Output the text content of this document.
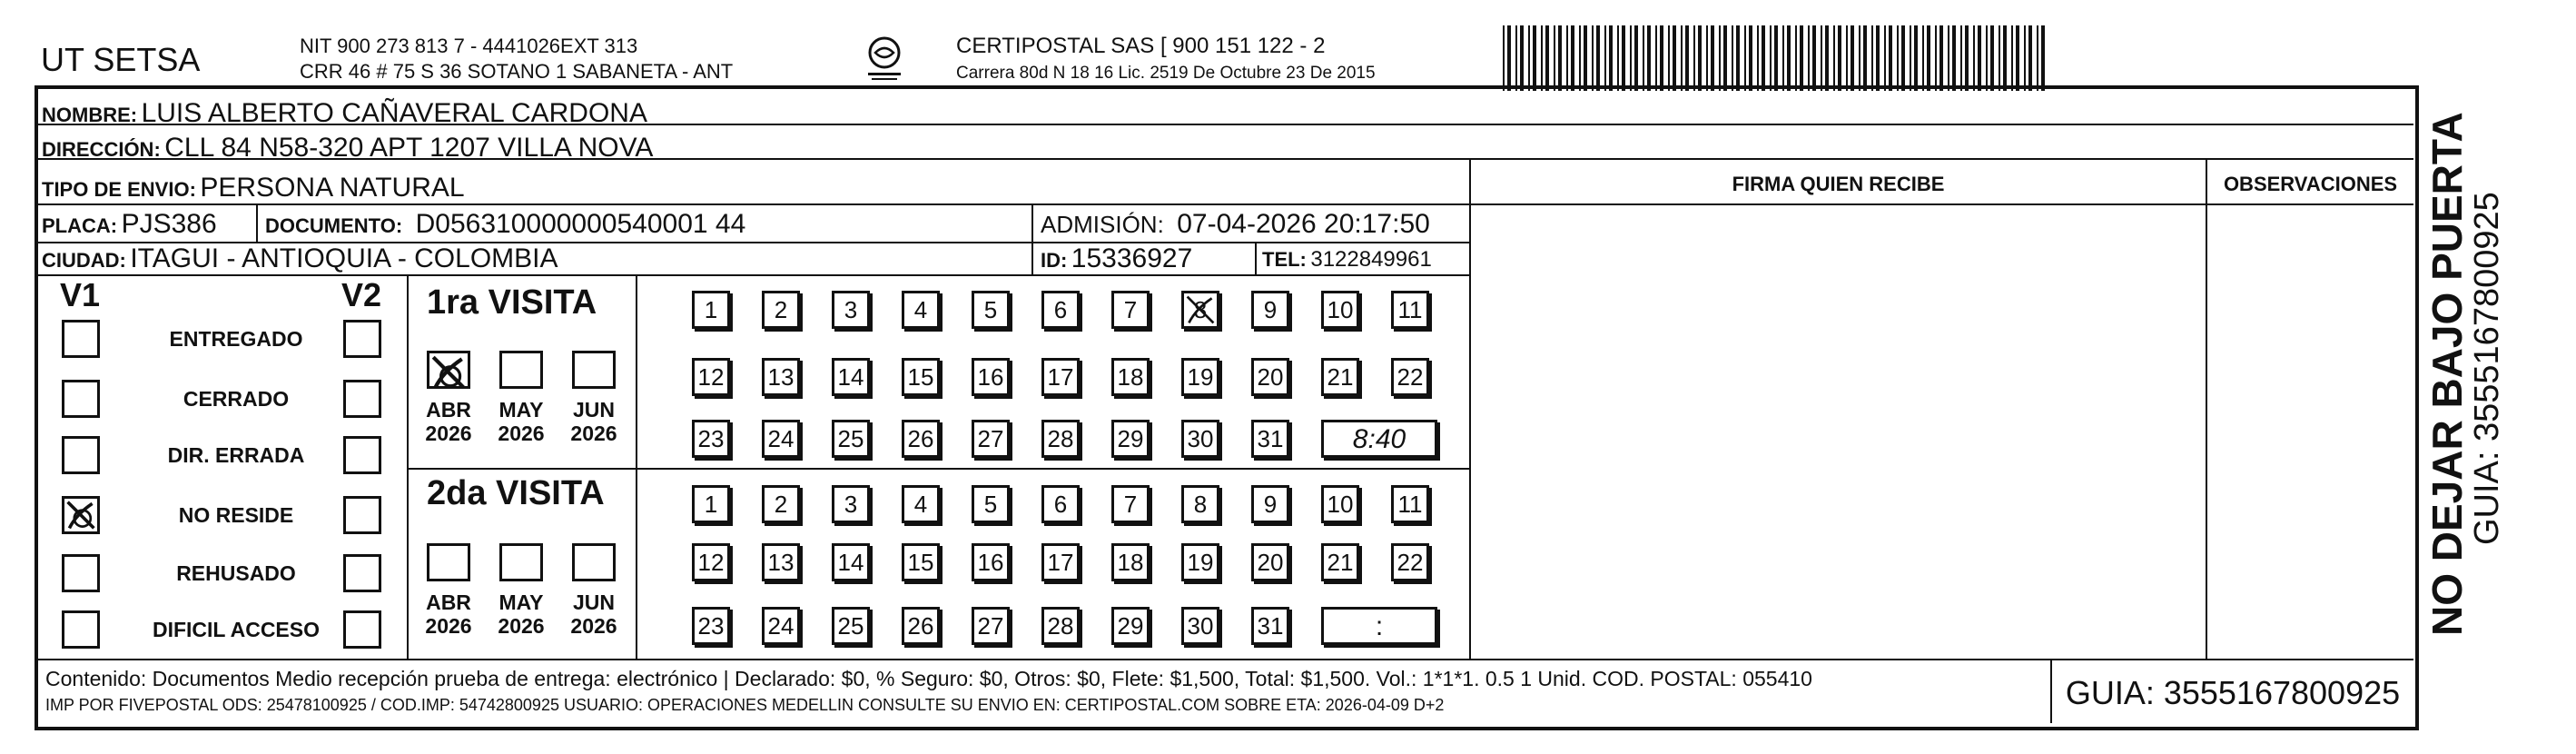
UT SETSA	NIT 900 273 813 7 - 4441026EXT 313
CRR 46 # 75 S 36 SOTANO 1 SABANETA - ANT
CERTIPOSTAL SAS [ 900 151 122 - 2
Carrera 80d N 18 16 Lic. 2519 De Octubre 23 De 2015
NOMBRE: LUIS ALBERTO CAÑAVERAL CARDONA
DIRECCIÓN: CLL 84 N58-320 APT 1207 VILLA NOVA
TIPO DE ENVIO: PERSONA NATURAL
PLACA: PJS386 DOCUMENTO: D056310000000540001 44	ADMISIÓN: 07-04-2026 20:17:50
CIUDAD: ITAGUI - ANTIOQUIA - COLOMBIA	ID: 15336927	TEL: 3122849961
FIRMA QUIEN RECIBE	OBSERVACIONES
V1	V2
ENTREGADO
CERRADO
DIR. ERRADA
NO RESIDE
REHUSADO
DIFICIL ACCESO
1ra VISITA
ABR
2026
MAY
2026
JUN
2026
1	2	3	4	5	6	7	8	9	10 11
12 13 14 15 16 17 18 19 20 21 22
23 24 25 26 27 28 29 30 31	8:40
2da VISITA
ABR
2026
MAY
2026
JUN
2026
1	2	3	4	5	6	7	8	9	10 11
12 13 14 15 16 17 18 19 20 21 22
23 24 25 26 27 28 29 30 31	:
Contenido: Documentos Medio recepción prueba de entrega: electrónico | Declarado: $0, % Seguro: $0, Otros: $0, Flete: $1,500, Total: $1,500. Vol.: 1*1*1. 0.5 1 Unid. COD. POSTAL: 055410
IMP POR FIVEPOSTAL ODS: 25478100925 / COD.IMP: 54742800925 USUARIO: OPERACIONES MEDELLIN CONSULTE SU ENVIO EN: CERTIPOSTAL.COM SOBRE ETA: 2026-04-09 D+2	GUIA: 3555167800925
NO DEJAR BAJO PUERTA
GUIA: 3555167800925
